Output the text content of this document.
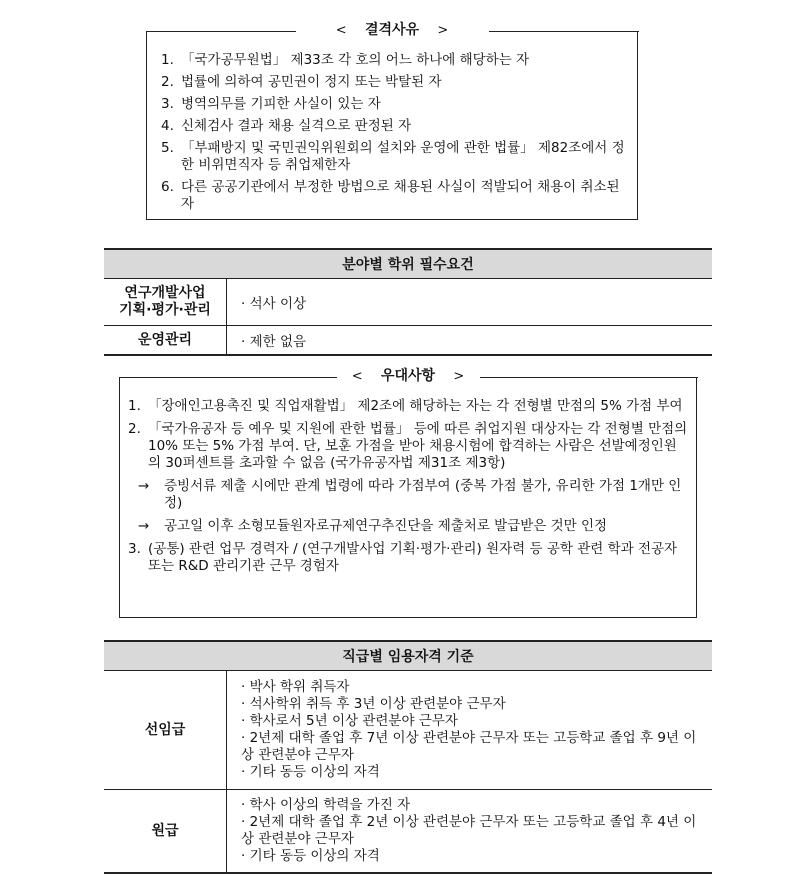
< 결격사유 >
1. 「국가공무원법」 제33조 각 호의 어느 하나에 해당하는 자
2. 법률에 의하여 공민권이 정지 또는 박탈된 자
3. 병역의무를 기피한 사실이 있는 자
4. 신체검사 결과 채용 실격으로 판정된 자
5. 「부패방지 및 국민권익위원회의 설치와 운영에 관한 법률」 제82조에서 정한 비위면직자 등 취업제한자
6. 다른 공공기관에서 부정한 방법으로 채용된 사실이 적발되어 채용이 취소된 자
분야별 학위 필수요건	
연구개발사업
기획·평가·관리	· 석사 이상
운영관리	· 제한 없음
< 우대사항 >
1. 「장애인고용촉진 및 직업재활법」 제2조에 해당하는 자는 각 전형별 만점의 5% 가점 부여
2. 「국가유공자 등 예우 및 지원에 관한 법률」 등에 따른 취업지원 대상자는 각 전형별 만점의 10% 또는 5% 가점 부여. 단, 보훈 가점을 받아 채용시험에 합격하는 사람은 선발예정인원의 30퍼센트를 초과할 수 없음 (국가유공자법 제31조 제3항)
→	증빙서류 제출 시에만 관계 법령에 따라 가점부여 (중복 가점 불가, 유리한 가점 1개만 인정)
→	공고일 이후 소형모듈원자로규제연구추진단을 제출처로 발급받은 것만 인정
3. (공통) 관련 업무 경력자 / (연구개발사업 기획·평가·관리) 원자력 등 공학 관련 학과 전공자 또는 R&D 관리기관 근무 경험자
직급별 임용자격 기준	
선임급	· 박사 학위 취득자
· 석사학위 취득 후 3년 이상 관련분야 근무자
· 학사로서 5년 이상 관련분야 근무자
· 2년제 대학 졸업 후 7년 이상 관련분야 근무자 또는 고등학교 졸업 후 9년 이상 관련분야 근무자
· 기타 동등 이상의 자격

원급	· 학사 이상의 학력을 가진 자
· 2년제 대학 졸업 후 2년 이상 관련분야 근무자 또는 고등학교 졸업 후 4년 이상 관련분야 근무자
· 기타 동등 이상의 자격
